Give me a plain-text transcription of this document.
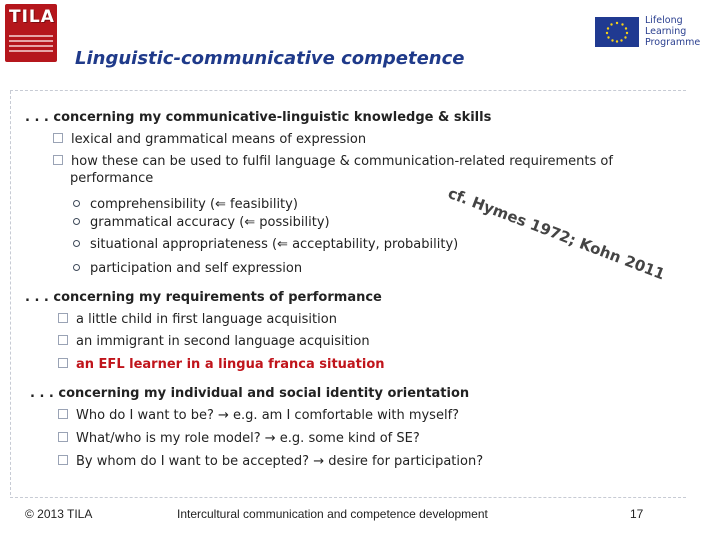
TILA
Linguistic-communicative competence
Lifelong
Learning
Programme
. . . concerning my communicative-linguistic knowledge & skills
lexical and grammatical means of expression
how these can be used to fulfil language & communication-related requirements of
performance
comprehensibility (⇐ feasibility)
grammatical accuracy (⇐ possibility)
situational appropriateness (⇐ acceptability, probability)
participation and self expression
. . . concerning my requirements of performance
a little child in first language acquisition
an immigrant in second language acquisition
an EFL learner in a lingua franca situation
. . . concerning my individual and social identity orientation
Who do I want to be? → e.g. am I comfortable with myself?
What/who is my role model? → e.g. some kind of SE?
By whom do I want to be accepted? → desire for participation?
cf. Hymes 1972; Kohn 2011
© 2013 TILA	Intercultural communication and competence development	17
